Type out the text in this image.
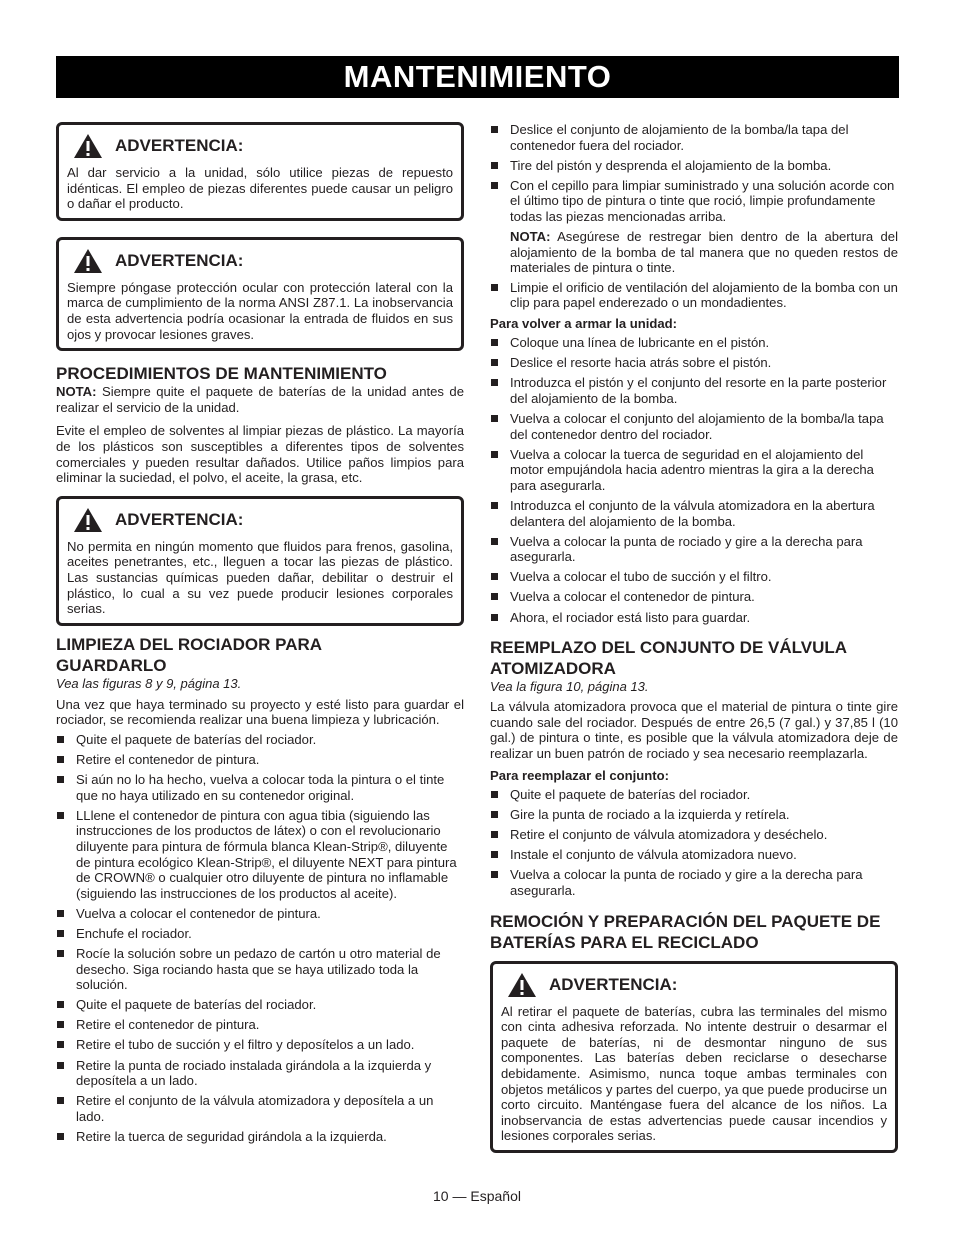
MANTENIMIENTO
ADVERTENCIA:
Al dar servicio a la unidad, sólo utilice piezas de repuesto idénticas. El empleo de piezas diferentes puede causar un peligro o dañar el producto.
ADVERTENCIA:
Siempre póngase protección ocular con protección lateral con la marca de cumplimiento de la norma ANSI Z87.1. La inobservancia de esta advertencia podría ocasionar la entrada de fluidos en sus ojos y provocar lesiones graves.
PROCEDIMIENTOS DE MANTENIMIENTO

NOTA: Siempre quite el paquete de baterías de la unidad antes de realizar el servicio de la unidad.

Evite el empleo de solventes al limpiar piezas de plástico. La mayoría de los plásticos son susceptibles a diferentes tipos de solventes comerciales y pueden resultar dañados. Utilice paños limpios para eliminar la suciedad, el polvo, el aceite, la grasa, etc.

ADVERTENCIA:
No permita en ningún momento que fluidos para frenos, gasolina, aceites penetrantes, etc., lleguen a tocar las piezas de plástico. Las sustancias químicas pueden dañar, debilitar o destruir el plástico, lo cual a su vez puede producir lesiones corporales serias.
LIMPIEZA DEL ROCIADOR PARA GUARDARLO
Vea las figuras 8 y 9, página 13.

Una vez que haya terminado su proyecto y esté listo para guardar el rociador, se recomienda realizar una buena limpieza y lubricación.

Quite el paquete de baterías del rociador.
Retire el contenedor de pintura.
Si aún no lo ha hecho, vuelva a colocar toda la pintura o el tinte que no haya utilizado en su contenedor original.
LLlene el contenedor de pintura con agua tibia (siguiendo las instrucciones de los productos de látex) o con el revolucionario diluyente para pintura de fórmula blanca Klean-Strip®, diluyente de pintura ecológico Klean-Strip®, el diluyente NEXT para pintura de CROWN® o cualquier otro diluyente de pintura no inflamable (siguiendo las instrucciones de los productos al aceite).
Vuelva a colocar el contenedor de pintura.
Enchufe el rociador.
Rocíe la solución sobre un pedazo de cartón u otro material de desecho. Siga rociando hasta que se haya utilizado toda la solución.
Quite el paquete de baterías del rociador.
Retire el contenedor de pintura.
Retire el tubo de succión y el filtro y deposítelos a un lado.
Retire la punta de rociado instalada girándola a la izquierda y deposítela a un lado.
Retire el conjunto de la válvula atomizadora y deposítela a un lado.
Retire la tuerca de seguridad girándola a la izquierda.
Deslice el conjunto de alojamiento de la bomba/la tapa del contenedor fuera del rociador.
Tire del pistón y desprenda el alojamiento de la bomba.
Con el cepillo para limpiar suministrado y una solución acorde con el último tipo de pintura o tinte que roció, limpie profundamente todas las piezas mencionadas arriba.

NOTA: Asegúrese de restregar bien dentro de la abertura del alojamiento de la bomba de tal manera que no queden restos de materiales de pintura o tinte.

Limpie el orificio de ventilación del alojamiento de la bomba con un clip para papel enderezado o un mondadientes.

Para volver a armar la unidad:

Coloque una línea de lubricante en el pistón.
Deslice el resorte hacia atrás sobre el pistón.
Introduzca el pistón y el conjunto del resorte en la parte posterior del alojamiento de la bomba.
Vuelva a colocar el conjunto del alojamiento de la bomba/la tapa del contenedor dentro del rociador.
Vuelva a colocar la tuerca de seguridad en el alojamiento del motor empujándola hacia adentro mientras la gira a la derecha para asegurarla.
Introduzca el conjunto de la válvula atomizadora en la abertura delantera del alojamiento de la bomba.
Vuelva a colocar la punta de rociado y gire a la derecha para asegurarla.
Vuelva a colocar el tubo de succión y el filtro.
Vuelva a colocar el contenedor de pintura.
Ahora, el rociador está listo para guardar.
REEMPLAZO DEL CONJUNTO DE VÁLVULA ATOMIZADORA
Vea la figura 10, página 13.

La válvula atomizadora provoca que el material de pintura o tinte gire cuando sale del rociador. Después de entre 26,5 (7 gal.) y 37,85 l (10 gal.) de pintura o tinte, es posible que la válvula atomizadora deje de realizar un buen patrón de rociado y sea necesario reemplazarla.

Para reemplazar el conjunto:

Quite el paquete de baterías del rociador.
Gire la punta de rociado a la izquierda y retírela.
Retire el conjunto de válvula atomizadora y deséchelo.
Instale el conjunto de válvula atomizadora nuevo.
Vuelva a colocar la punta de rociado y gire a la derecha para asegurarla.
REMOCIÓN Y PREPARACIÓN DEL PAQUETE DE BATERÍAS PARA EL RECICLADO
ADVERTENCIA:
Al retirar el paquete de baterías, cubra las terminales del mismo con cinta adhesiva reforzada. No intente destruir o desarmar el paquete de baterías, ni de desmontar ninguno de sus componentes. Las baterías deben reciclarse o desecharse debidamente. Asimismo, nunca toque ambas terminales con objetos metálicos y partes del cuerpo, ya que puede producirse un corto circuito. Manténgase fuera del alcance de los niños. La inobservancia de estas advertencias puede causar incendios y lesiones corporales serias.
10 — Español
